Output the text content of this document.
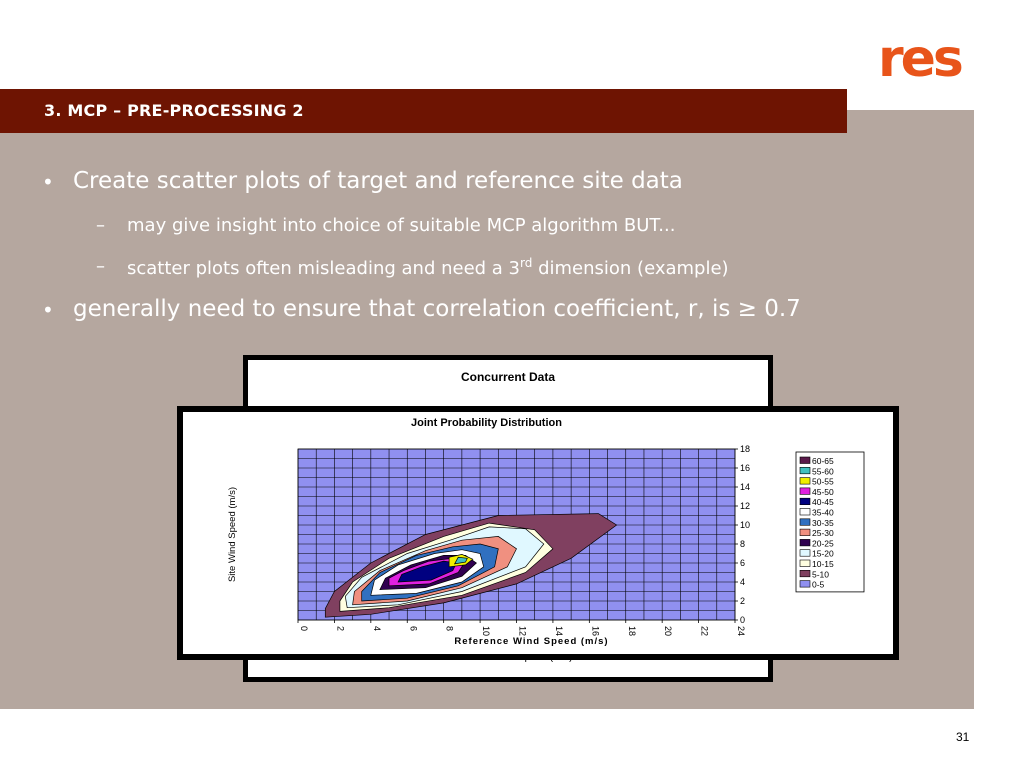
3. MCP – PRE-PROCESSING 2
res
• Create scatter plots of target and reference site data
– may give insight into choice of suitable MCP algorithm BUT...
– scatter plots often misleading and need a 3rd dimension (example)
• generally need to ensure that correlation coefficient, r, is ≥ 0.7
Concurrent Data
Joint Probability Distribution
0	2	4	6	8	10	12	14	16	18	20	22	24
Reference Wind Speed (m/s)
0
2
4
6
8
10
12
14
16
18
Site Wind Speed (m/s)
60-65
55-60
50-55
45-50
40-45
35-40
30-35
25-30
20-25
15-20
10-15
5-10
0-5
31
